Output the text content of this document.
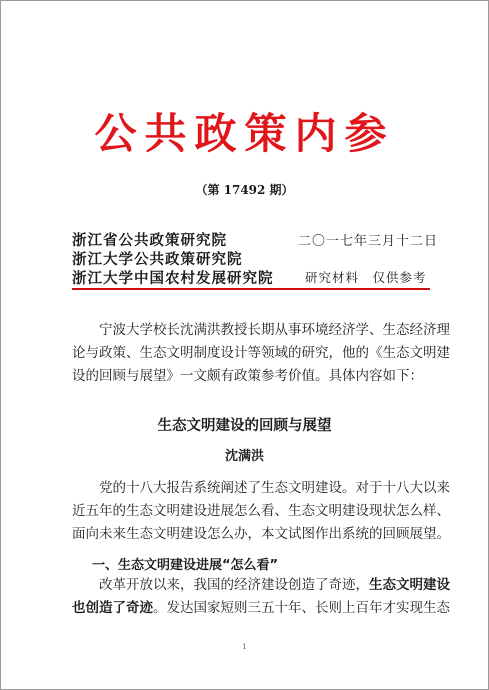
公共政策内参
（第 17492 期）
浙江省公共政策研究院
浙江大学公共政策研究院
浙江大学中国农村发展研究院
二〇一七年三月十二日
研究材料　仅供参考
宁波大学校长沈满洪教授长期从事环境经济学、生态经济理
论与政策、生态文明制度设计等领域的研究，他的《生态文明建
设的回顾与展望》一文颇有政策参考价值。具体内容如下：
生态文明建设的回顾与展望
沈满洪
党的十八大报告系统阐述了生态文明建设。对于十八大以来
近五年的生态文明建设进展怎么看、生态文明建设现状怎么样、
面向未来生态文明建设怎么办，本文试图作出系统的回顾展望。
一、生态文明建设进展“怎么看”
改革开放以来，我国的经济建设创造了奇迹，生态文明建设
也创造了奇迹。发达国家短则三五十年、长则上百年才实现生态
1
